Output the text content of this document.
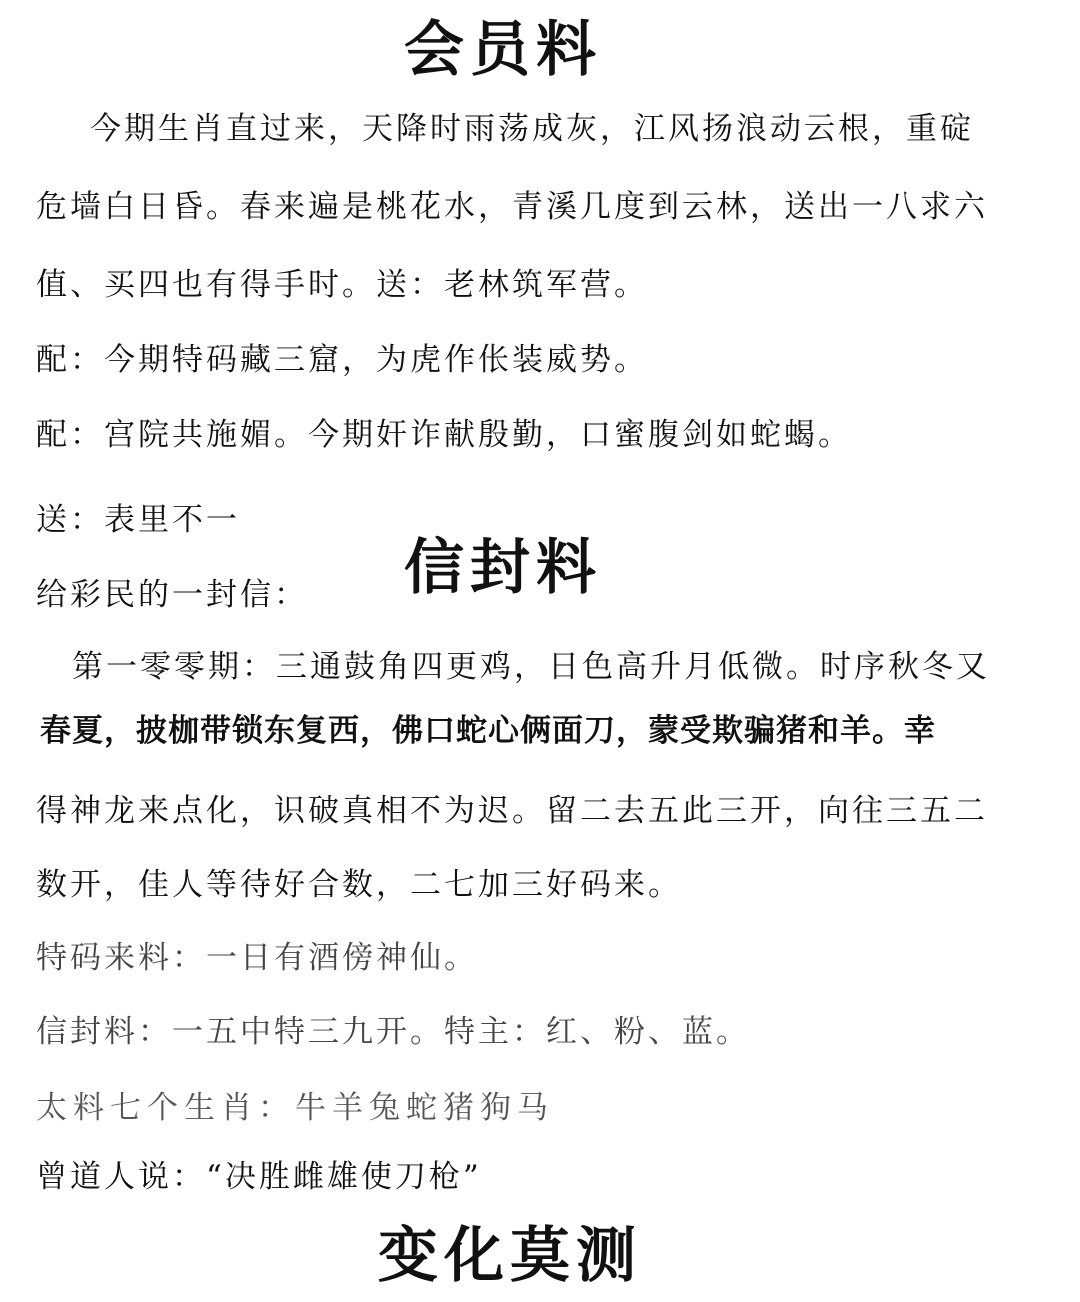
会员料
今期生肖直过来，天降时雨荡成灰，江风扬浪动云根，重碇
危墙白日昏。春来遍是桃花水，青溪几度到云林，送出一八求六
值、买四也有得手时。送：老林筑军营。
配：今期特码藏三窟，为虎作伥装威势。
配：宫院共施媚。今期奸诈献殷勤，口蜜腹剑如蛇蝎。
送：表里不一
给彩民的一封信： 信封料
第一零零期：三通鼓角四更鸡，日色高升月低微。时序秋冬又
春夏，披枷带锁东复西，佛口蛇心俩面刀，蒙受欺骗猪和羊。幸
得神龙来点化，识破真相不为迟。留二去五此三开，向往三五二
数开，佳人等待好合数，二七加三好码来。
特码来料：一日有酒傍神仙。
信封料：一五中特三九开。特主：红、粉、蓝。
太料七个生肖：牛羊兔蛇猪狗马
曾道人说：“决胜雌雄使刀枪”
变化莫测
